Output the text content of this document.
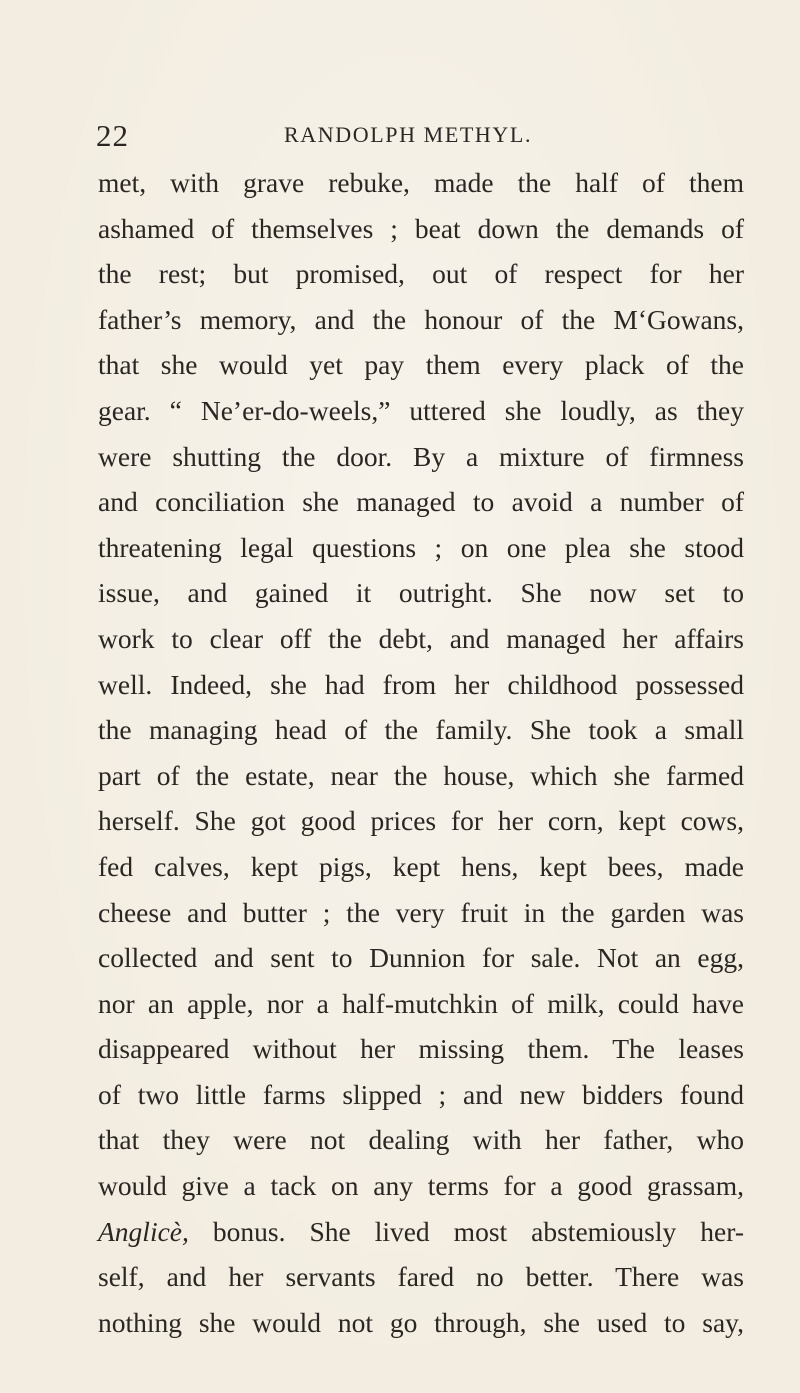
22	RANDOLPH METHYL.
met, with grave rebuke, made the half of them
ashamed of themselves ; beat down the demands of
the rest; but promised, out of respect for her
father’s memory, and the honour of the M‘Gowans,
that she would yet pay them every plack of the
gear. “ Ne’er-do-weels,” uttered she loudly, as they
were shutting the door. By a mixture of firmness
and conciliation she managed to avoid a number of
threatening legal questions ; on one plea she stood
issue, and gained it outright. She now set to
work to clear off the debt, and managed her affairs
well. Indeed, she had from her childhood possessed
the managing head of the family. She took a small
part of the estate, near the house, which she farmed
herself. She got good prices for her corn, kept cows,
fed calves, kept pigs, kept hens, kept bees, made
cheese and butter ; the very fruit in the garden was
collected and sent to Dunnion for sale. Not an egg,
nor an apple, nor a half-mutchkin of milk, could have
disappeared without her missing them. The leases
of two little farms slipped ; and new bidders found
that they were not dealing with her father, who
would give a tack on any terms for a good grassam,
Anglicè, bonus. She lived most abstemiously her-
self, and her servants fared no better. There was
nothing she would not go through, she used to say,
